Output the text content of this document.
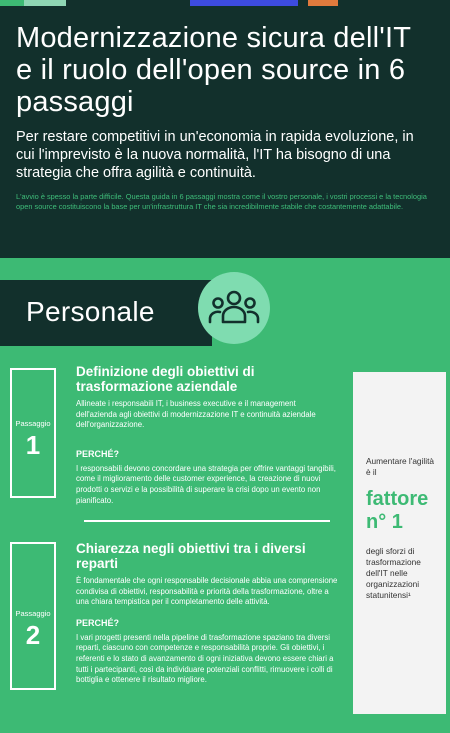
Modernizzazione sicura dell'IT e il ruolo dell'open source in 6 passaggi

Per restare competitivi in un'economia in rapida evoluzione, in cui l'imprevisto è la nuova normalità, l'IT ha bisogno di una strategia che offra agilità e continuità.

L'avvio è spesso la parte difficile. Questa guida in 6 passaggi mostra come il vostro personale, i vostri processi e la tecnologia open source costituiscono la base per un'infrastruttura IT che sia incredibilmente stabile che costantemente adattabile.

Personale
Passaggio
1
Definizione degli obiettivi di trasformazione aziendale
Allineate i responsabili IT, i business executive e il management dell'azienda agli obiettivi di modernizzazione IT e continuità aziendale dell'organizzazione.
PERCHÉ?
I responsabili devono concordare una strategia per offrire vantaggi tangibili, come il miglioramento delle customer experience, la creazione di nuovi prodotti o servizi e la possibilità di superare la crisi dopo un evento non pianificato.
Passaggio
2
Chiarezza negli obiettivi tra i diversi reparti
È fondamentale che ogni responsabile decisionale abbia una comprensione condivisa di obiettivi, responsabilità e priorità della trasformazione, oltre a una chiara tempistica per il completamento delle attività.
PERCHÉ?
I vari progetti presenti nella pipeline di trasformazione spaziano tra diversi reparti, ciascuno con competenze e responsabilità proprie. Gli obiettivi, i referenti e lo stato di avanzamento di ogni iniziativa devono essere chiari a tutti i partecipanti, così da individuare potenziali conflitti, rimuovere i colli di bottiglia e ottenere il risultato migliore.
Aumentare l'agilità è il
fattore n° 1
degli sforzi di trasformazione dell'IT nelle organizzazioni statunitensi¹
